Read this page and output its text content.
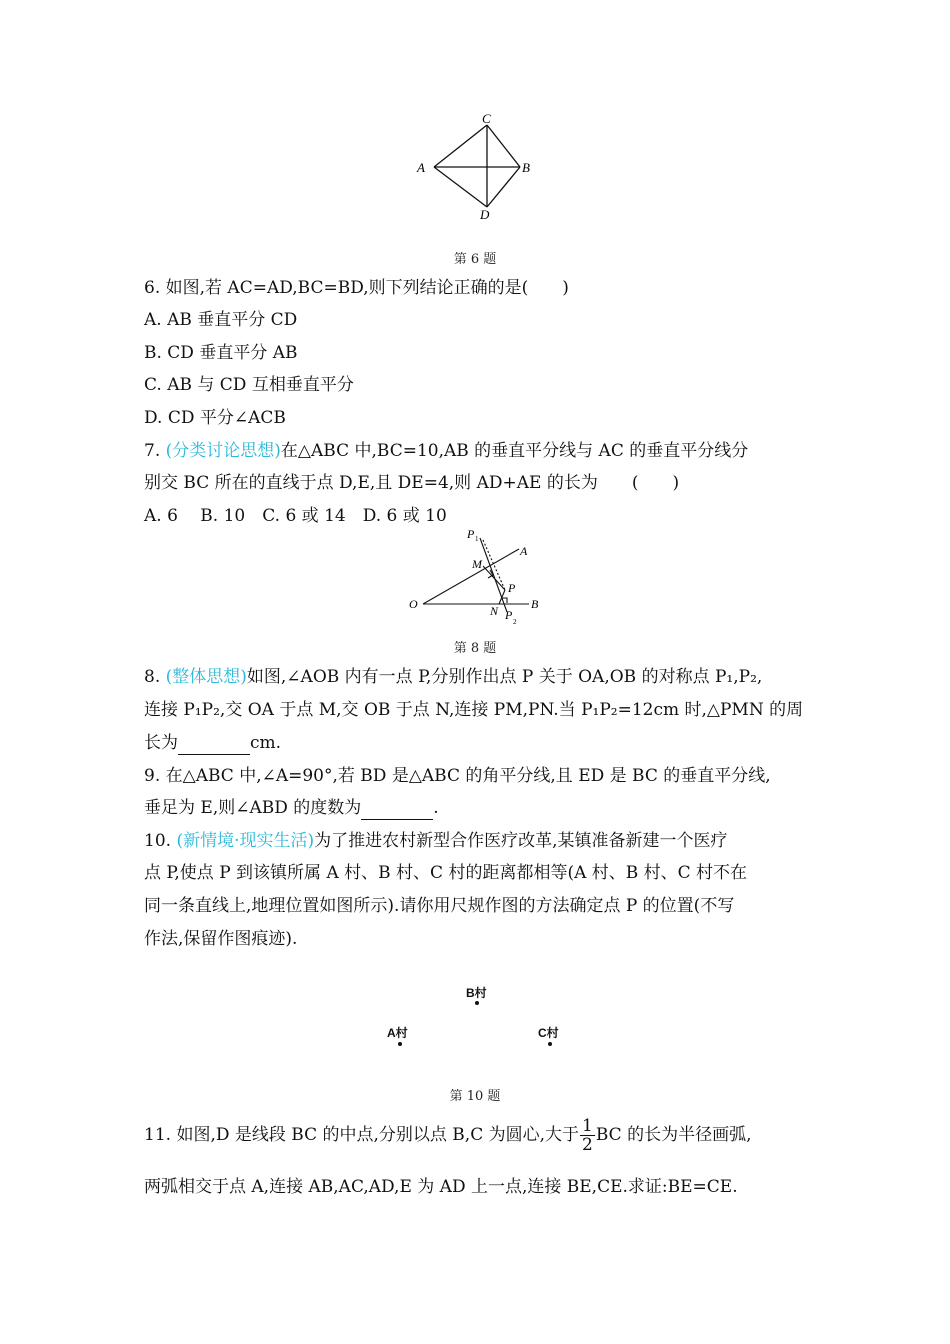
C
A	B
D
第 6 题
6. 如图,若 AC=AD,BC=BD,则下列结论正确的是(　　)
A. AB 垂直平分 CD
B. CD 垂直平分 AB
C. AB 与 CD 互相垂直平分
D. CD 平分∠ACB
7. (分类讨论思想)在△ABC 中,BC=10,AB 的垂直平分线与 AC 的垂直平分线分
别交 BC 所在的直线于点 D,E,且 DE=4,则 AD+AE 的长为　　(　　)
A. 6　 B. 10　C. 6 或 14　D. 6 或 10
P 1
A
M
P
O	N	B
P 2
第 8 题
8. (整体思想)如图,∠AOB 内有一点 P,分别作出点 P 关于 OA,OB 的对称点 P₁,P₂,
连接 P₁P₂,交 OA 于点 M,交 OB 于点 N,连接 PM,PN.当 P₁P₂=12cm 时,△PMN 的周
长为	cm.
9. 在△ABC 中,∠A=90°,若 BD 是△ABC 的角平分线,且 ED 是 BC 的垂直平分线,
垂足为 E,则∠ABD 的度数为	.
10. (新情境·现实生活)为了推进农村新型合作医疗改革,某镇准备新建一个医疗
点 P,使点 P 到该镇所属 A 村、B 村、C 村的距离都相等(A 村、B 村、C 村不在
同一条直线上,地理位置如图所示).请你用尺规作图的方法确定点 P 的位置(不写
作法,保留作图痕迹).
B村
A村	C村
第 10 题
11. 如图,D 是线段 BC 的中点,分别以点 B,C 为圆心,大于 $\frac{1}{2}$ BC 的长为半径画弧,
两弧相交于点 A,连接 AB,AC,AD,E 为 AD 上一点,连接 BE,CE.求证:BE=CE.
